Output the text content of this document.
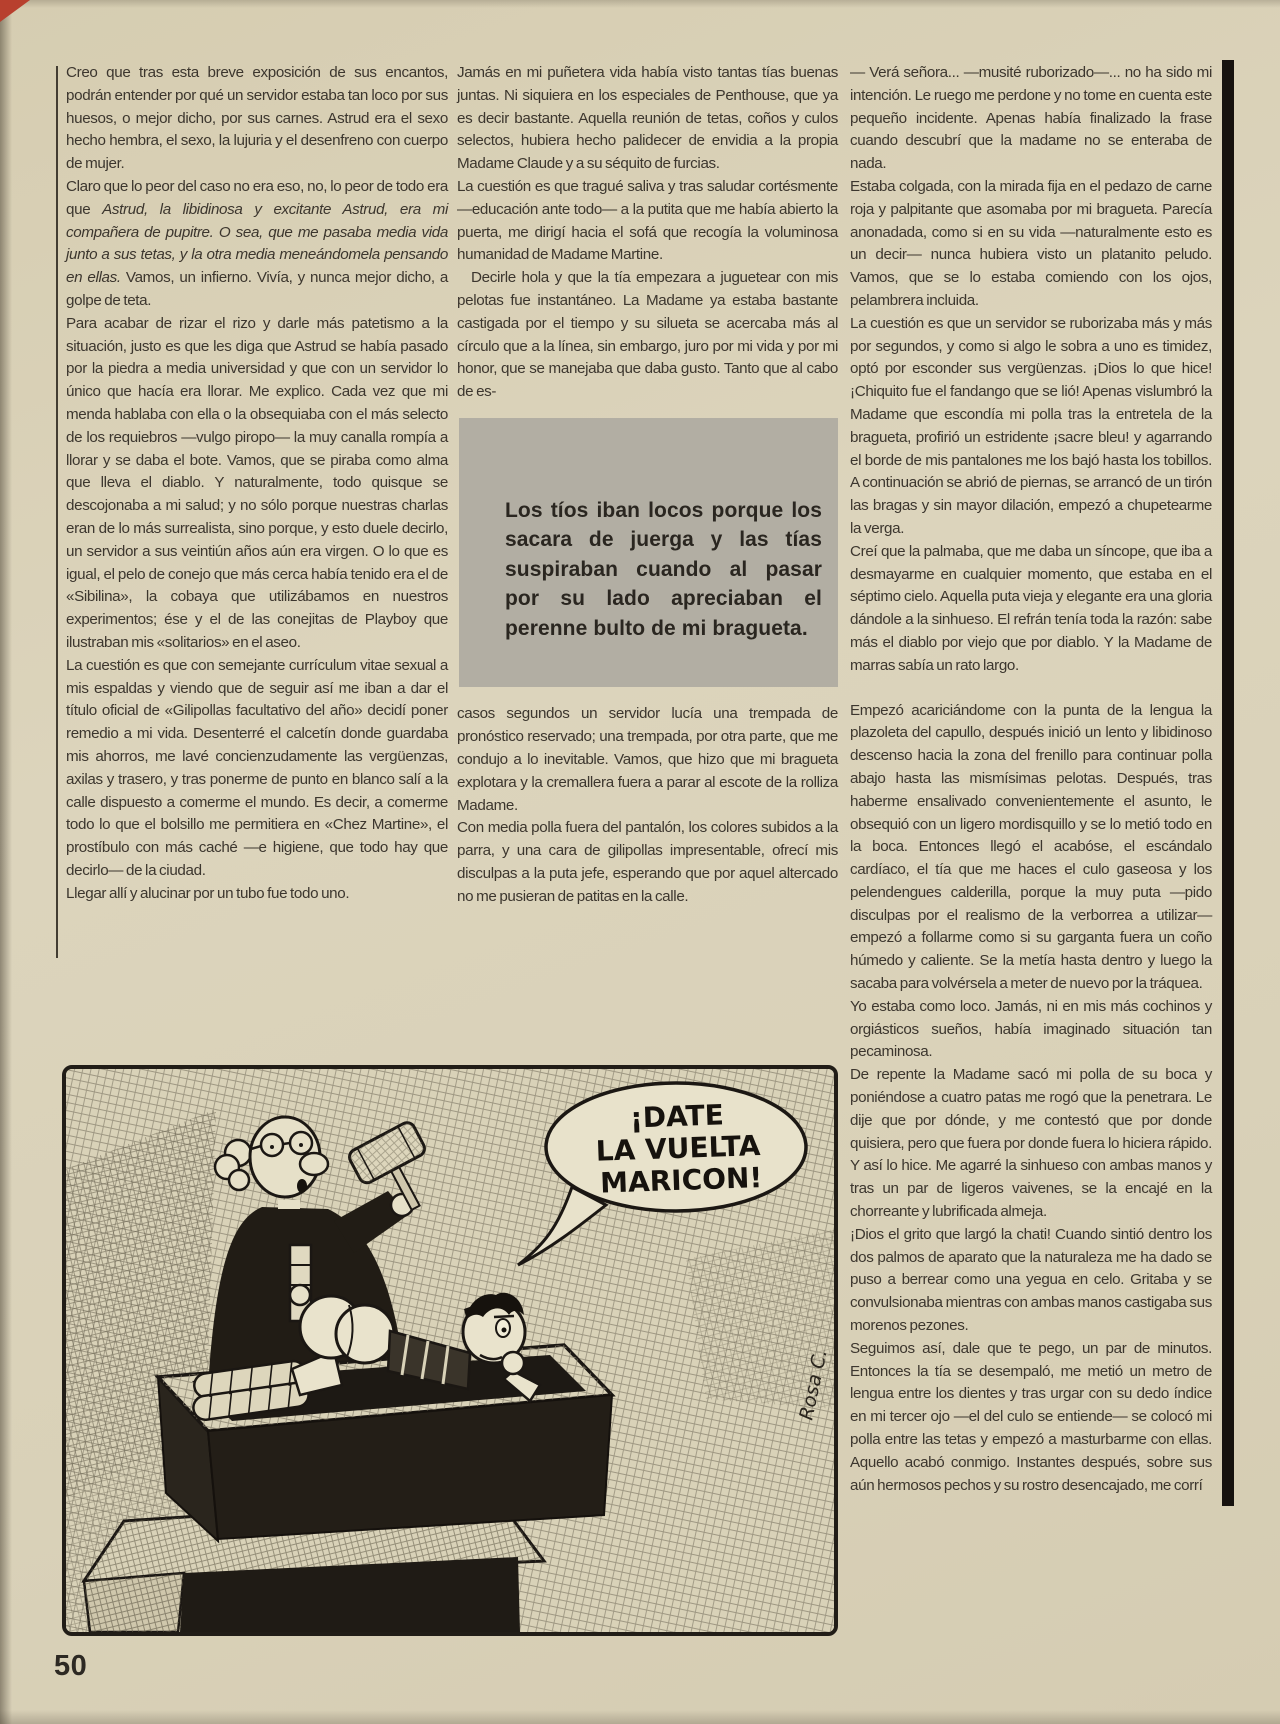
Creo que tras esta breve exposición de sus encantos, podrán entender por qué un servidor estaba tan loco por sus huesos, o mejor dicho, por sus carnes. Astrud era el sexo hecho hembra, el sexo, la lujuria y el desenfreno con cuerpo de mujer.

Claro que lo peor del caso no era eso, no, lo peor de todo era que Astrud, la libidinosa y excitante Astrud, era mi compañera de pupitre. O sea, que me pasaba media vida junto a sus tetas, y la otra media meneándomela pensando en ellas. Vamos, un infierno. Vivía, y nunca mejor dicho, a golpe de teta.

Para acabar de rizar el rizo y darle más patetismo a la situación, justo es que les diga que Astrud se había pasado por la piedra a media universidad y que con un servidor lo único que hacía era llorar. Me explico. Cada vez que mi menda hablaba con ella o la obsequiaba con el más selecto de los requiebros —vulgo piropo— la muy canalla rompía a llorar y se daba el bote. Vamos, que se piraba como alma que lleva el diablo. Y naturalmente, todo quisque se descojonaba a mi salud; y no sólo porque nuestras charlas eran de lo más surrealista, sino porque, y esto duele decirlo, un servidor a sus veintiún años aún era virgen. O lo que es igual, el pelo de conejo que más cerca había tenido era el de «Sibilina», la cobaya que utilizábamos en nuestros experimentos; ése y el de las conejitas de Playboy que ilustraban mis «solitarios» en el aseo.

La cuestión es que con semejante currículum vitae sexual a mis espaldas y viendo que de seguir así me iban a dar el título oficial de «Gilipollas facultativo del año» decidí poner remedio a mi vida. Desenterré el calcetín donde guardaba mis ahorros, me lavé concienzudamente las vergüenzas, axilas y trasero, y tras ponerme de punto en blanco salí a la calle dispuesto a comerme el mundo. Es decir, a comerme todo lo que el bolsillo me permitiera en «Chez Martine», el prostíbulo con más caché —e higiene, que todo hay que decirlo— de la ciudad.

Llegar allí y alucinar por un tubo fue todo uno.

Jamás en mi puñetera vida había visto tantas tías buenas juntas. Ni siquiera en los especiales de Penthouse, que ya es decir bastante. Aquella reunión de tetas, coños y culos selectos, hubiera hecho palidecer de envidia a la propia Madame Claude y a su séquito de furcias.

La cuestión es que tragué saliva y tras saludar cortésmente —educación ante todo— a la putita que me había abierto la puerta, me dirigí hacia el sofá que recogía la voluminosa humanidad de Madame Martine.

Decirle hola y que la tía empezara a juguetear con mis pelotas fue instantáneo. La Madame ya estaba bastante castigada por el tiempo y su silueta se acercaba más al círculo que a la línea, sin embargo, juro por mi vida y por mi honor, que se manejaba que daba gusto. Tanto que al cabo de es-

Los tíos iban locos porque los sacara de juerga y las tías suspiraban cuando al pasar por su lado apreciaban el perenne bulto de mi bragueta.

casos segundos un servidor lucía una trempada de pronóstico reservado; una trempada, por otra parte, que me condujo a lo inevitable. Vamos, que hizo que mi bragueta explotara y la cremallera fuera a parar al escote de la rolliza Madame.

Con media polla fuera del pantalón, los colores subidos a la parra, y una cara de gilipollas impresentable, ofrecí mis disculpas a la puta jefe, esperando que por aquel altercado no me pusieran de patitas en la calle.

— Verá señora... —musité ruborizado—... no ha sido mi intención. Le ruego me perdone y no tome en cuenta este pequeño incidente. Apenas había finalizado la frase cuando descubrí que la madame no se enteraba de nada.

Estaba colgada, con la mirada fija en el pedazo de carne roja y palpitante que asomaba por mi bragueta. Parecía anonadada, como si en su vida —naturalmente esto es un decir— nunca hubiera visto un platanito peludo. Vamos, que se lo estaba comiendo con los ojos, pelambrera incluida.

La cuestión es que un servidor se ruborizaba más y más por segundos, y como si algo le sobra a uno es timidez, optó por esconder sus vergüenzas. ¡Dios lo que hice! ¡Chiquito fue el fandango que se lió! Apenas vislumbró la Madame que escondía mi polla tras la entretela de la bragueta, profirió un estridente ¡sacre bleu! y agarrando el borde de mis pantalones me los bajó hasta los tobillos. A continuación se abrió de piernas, se arrancó de un tirón las bragas y sin mayor dilación, empezó a chupetearme la verga.

Creí que la palmaba, que me daba un síncope, que iba a desmayarme en cualquier momento, que estaba en el séptimo cielo. Aquella puta vieja y elegante era una gloria dándole a la sinhueso. El refrán tenía toda la razón: sabe más el diablo por viejo que por diablo. Y la Madame de marras sabía un rato largo.

Empezó acariciándome con la punta de la lengua la plazoleta del capullo, después inició un lento y libidinoso descenso hacia la zona del frenillo para continuar polla abajo hasta las mismísimas pelotas. Después, tras haberme ensalivado convenientemente el asunto, le obsequió con un ligero mordisquillo y se lo metió todo en la boca. Entonces llegó el acabóse, el escándalo cardíaco, el tía que me haces el culo gaseosa y los pelendengues calderilla, porque la muy puta —pido disculpas por el realismo de la verborrea a utilizar— empezó a follarme como si su garganta fuera un coño húmedo y caliente. Se la metía hasta dentro y luego la sacaba para volvérsela a meter de nuevo por la tráquea.

Yo estaba como loco. Jamás, ni en mis más cochinos y orgiásticos sueños, había imaginado situación tan pecaminosa.

De repente la Madame sacó mi polla de su boca y poniéndose a cuatro patas me rogó que la penetrara. Le dije que por dónde, y me contestó que por donde quisiera, pero que fuera por donde fuera lo hiciera rápido. Y así lo hice. Me agarré la sinhueso con ambas manos y tras un par de ligeros vaivenes, se la encajé en la chorreante y lubrificada almeja.

¡Dios el grito que largó la chati! Cuando sintió dentro los dos palmos de aparato que la naturaleza me ha dado se puso a berrear como una yegua en celo. Gritaba y se convulsionaba mientras con ambas manos castigaba sus morenos pezones.

Seguimos así, dale que te pego, un par de minutos. Entonces la tía se desempaló, me metió un metro de lengua entre los dientes y tras urgar con su dedo índice en mi tercer ojo —el del culo se entiende— se colocó mi polla entre las tetas y empezó a masturbarme con ellas. Aquello acabó conmigo. Instantes después, sobre sus aún hermosos pechos y su rostro desencajado, me corrí

¡DATE
LA VUELTA
MARICON!
Rosa C.
50
